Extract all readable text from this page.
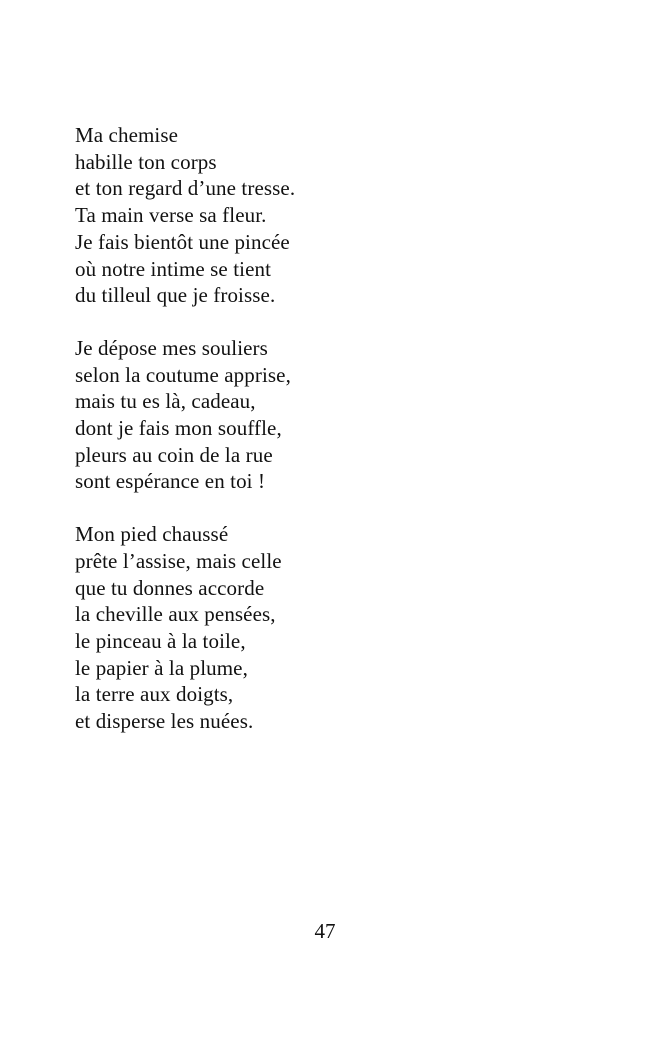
Ma chemise
habille ton corps
et ton regard d’une tresse.
Ta main verse sa fleur.
Je fais bientôt une pincée
où notre intime se tient
du tilleul que je froisse.
Je dépose mes souliers
selon la coutume apprise,
mais tu es là, cadeau,
dont je fais mon souffle,
pleurs au coin de la rue
sont espérance en toi !
Mon pied chaussé
prête l’assise, mais celle
que tu donnes accorde
la cheville aux pensées,
le pinceau à la toile,
le papier à la plume,
la terre aux doigts,
et disperse les nuées.
47
